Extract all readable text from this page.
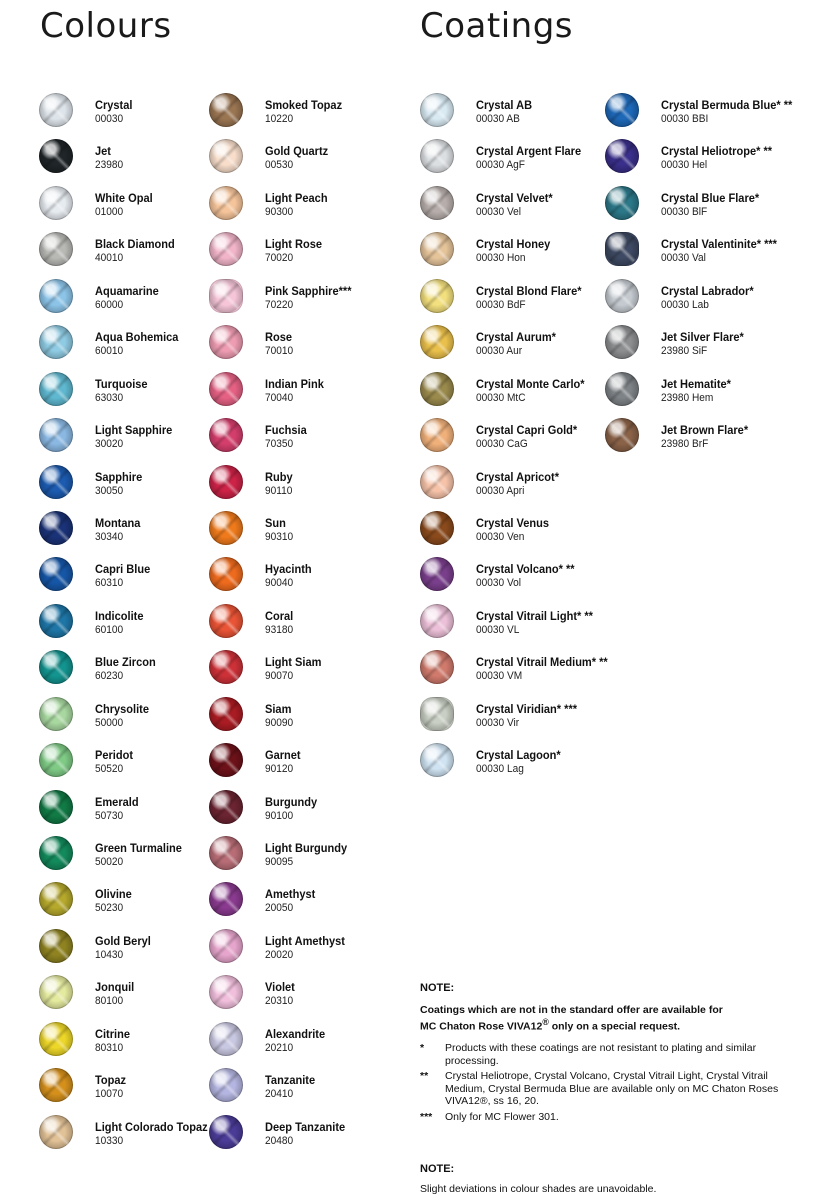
Colours	Coatings
Crystal
00030
Jet
23980
White Opal
01000
Black Diamond
40010
Aquamarine
60000
Aqua Bohemica
60010
Turquoise
63030
Light Sapphire
30020
Sapphire
30050
Montana
30340
Capri Blue
60310
Indicolite
60100
Blue Zircon
60230
Chrysolite
50000
Peridot
50520
Emerald
50730
Green Turmaline
50020
Olivine
50230
Gold Beryl
10430
Jonquil
80100
Citrine
80310
Topaz
10070
Light Colorado Topaz
10330
Smoked Topaz
10220
Gold Quartz
00530
Light Peach
90300
Light Rose
70020
Pink Sapphire***
70220
Rose
70010
Indian Pink
70040
Fuchsia
70350
Ruby
90110
Sun
90310
Hyacinth
90040
Coral
93180
Light Siam
90070
Siam
90090
Garnet
90120
Burgundy
90100
Light Burgundy
90095
Amethyst
20050
Light Amethyst
20020
Violet
20310
Alexandrite
20210
Tanzanite
20410
Deep Tanzanite
20480
Crystal AB
00030 AB
Crystal Argent Flare
00030 AgF
Crystal Velvet*
00030 Vel
Crystal Honey
00030 Hon
Crystal Blond Flare*
00030 BdF
Crystal Aurum*
00030 Aur
Crystal Monte Carlo*
00030 MtC
Crystal Capri Gold*
00030 CaG
Crystal Apricot*
00030 Apri
Crystal Venus
00030 Ven
Crystal Volcano* **
00030 Vol
Crystal Vitrail Light* **
00030 VL
Crystal Vitrail Medium* **
00030 VM
Crystal Viridian* ***
00030 Vir
Crystal Lagoon*
00030 Lag
Crystal Bermuda Blue* **
00030 BBI
Crystal Heliotrope* **
00030 Hel
Crystal Blue Flare*
00030 BlF
Crystal Valentinite* ***
00030 Val
Crystal Labrador*
00030 Lab
Jet Silver Flare*
23980 SiF
Jet Hematite*
23980 Hem
Jet Brown Flare*
23980 BrF
NOTE:
Coatings which are not in the standard offer are available for
MC Chaton Rose VIVA12® only on a special request.
*	Products with these coatings are not resistant to plating and similar processing.
**	Crystal Heliotrope, Crystal Volcano, Crystal Vitrail Light, Crystal Vitrail Medium, Crystal Bermuda Blue are available only on MC Chaton Roses VIVA12®, ss 16, 20.
***	Only for MC Flower 301.
NOTE:
Slight deviations in colour shades are unavoidable.
